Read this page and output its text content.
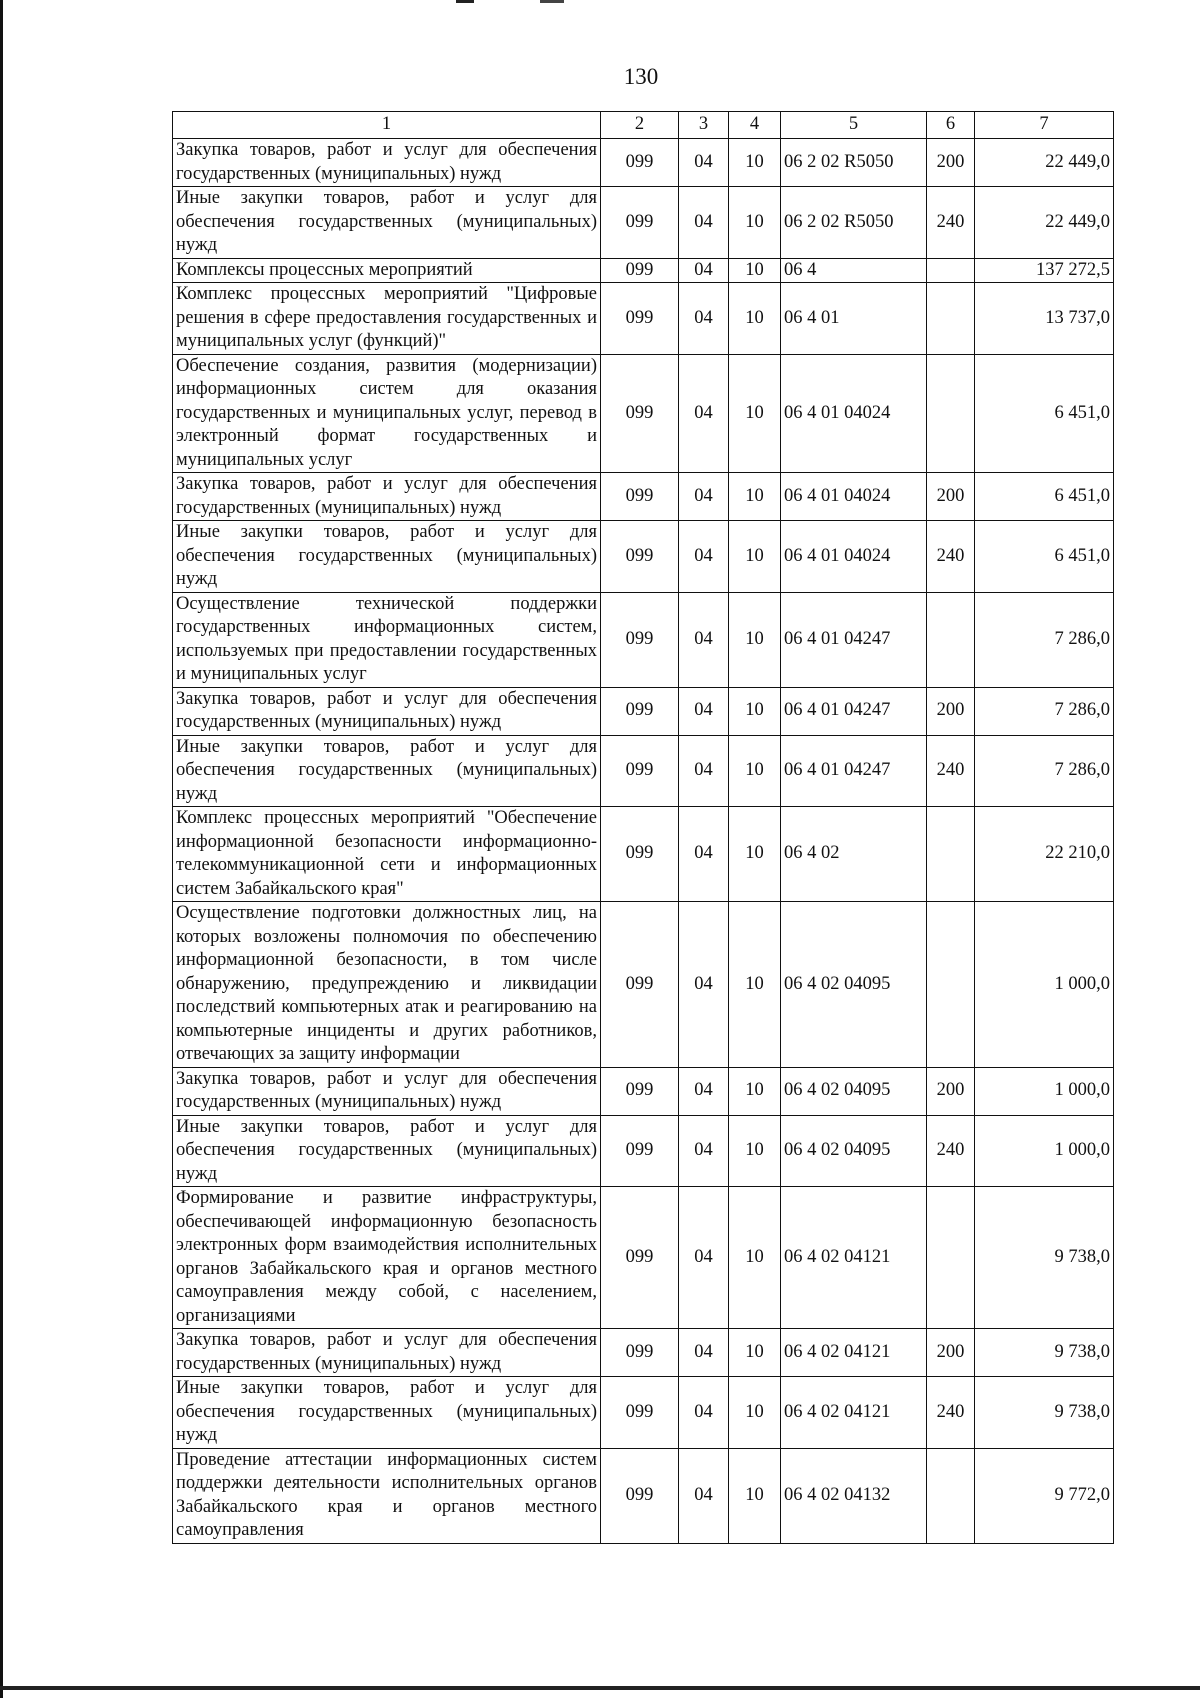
130
1	2	3	4	5	6	7
Закупка товаров, работ и услуг для обеспечения государственных (муниципальных) нужд	099	04	10	06 2 02 R5050	200	22 449,0
Иные закупки товаров, работ и услуг для обеспечения государственных (муниципальных) нужд	099	04	10	06 2 02 R5050	240	22 449,0
Комплексы процессных мероприятий	099	04	10	06 4		137 272,5
Комплекс процессных мероприятий "Цифровые решения в сфере предоставления государственных и муниципальных услуг (функций)"	099	04	10	06 4 01		13 737,0
Обеспечение создания, развития (модернизации) информационных систем для оказания государственных и муниципальных услуг, перевод в электронный формат государственных и муниципальных услуг	099	04	10	06 4 01 04024		6 451,0
Закупка товаров, работ и услуг для обеспечения государственных (муниципальных) нужд	099	04	10	06 4 01 04024	200	6 451,0
Иные закупки товаров, работ и услуг для обеспечения государственных (муниципальных) нужд	099	04	10	06 4 01 04024	240	6 451,0
Осуществление технической поддержки государственных информационных систем, используемых при предоставлении государственных и муниципальных услуг	099	04	10	06 4 01 04247		7 286,0
Закупка товаров, работ и услуг для обеспечения государственных (муниципальных) нужд	099	04	10	06 4 01 04247	200	7 286,0
Иные закупки товаров, работ и услуг для обеспечения государственных (муниципальных) нужд	099	04	10	06 4 01 04247	240	7 286,0
Комплекс процессных мероприятий "Обеспечение информационной безопасности информационно-телекоммуникационной сети и информационных систем Забайкальского края"	099	04	10	06 4 02		22 210,0
Осуществление подготовки должностных лиц, на которых возложены полномочия по обеспечению информационной безопасности, в том числе обнаружению, предупреждению и ликвидации последствий компьютерных атак и реагированию на компьютерные инциденты и других работников, отвечающих за защиту информации	099	04	10	06 4 02 04095		1 000,0
Закупка товаров, работ и услуг для обеспечения государственных (муниципальных) нужд	099	04	10	06 4 02 04095	200	1 000,0
Иные закупки товаров, работ и услуг для обеспечения государственных (муниципальных) нужд	099	04	10	06 4 02 04095	240	1 000,0
Формирование и развитие инфраструктуры, обеспечивающей информационную безопасность электронных форм взаимодействия исполнительных органов Забайкальского края и органов местного самоуправления между собой, с населением, организациями	099	04	10	06 4 02 04121		9 738,0
Закупка товаров, работ и услуг для обеспечения государственных (муниципальных) нужд	099	04	10	06 4 02 04121	200	9 738,0
Иные закупки товаров, работ и услуг для обеспечения государственных (муниципальных) нужд	099	04	10	06 4 02 04121	240	9 738,0
Проведение аттестации информационных систем поддержки деятельности исполнительных органов Забайкальского края и органов местного самоуправления	099	04	10	06 4 02 04132		9 772,0
